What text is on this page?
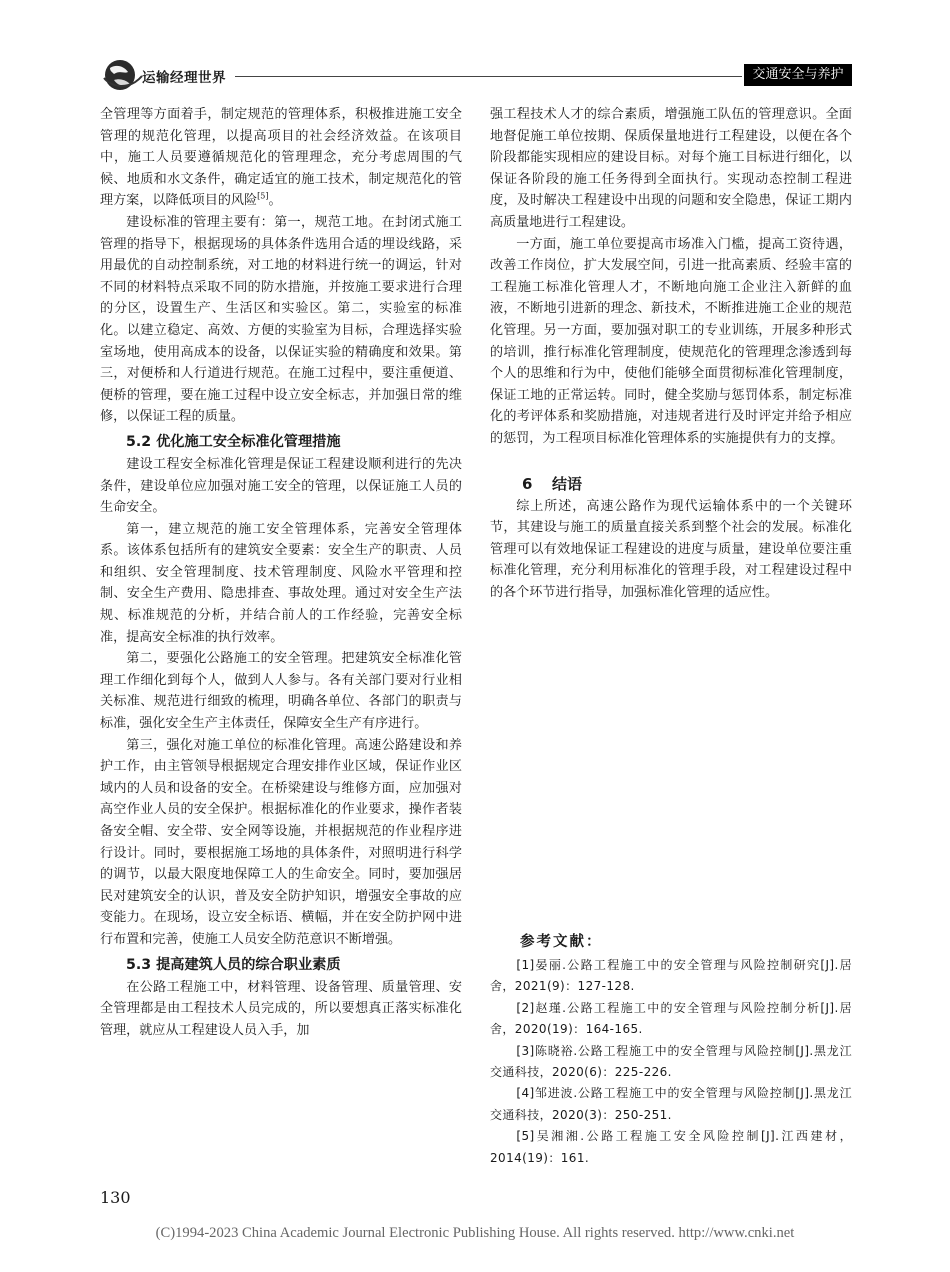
运输经理世界	交通安全与养护

全管理等方面着手，制定规范的管理体系，积极推进施工安全管理的规范化管理，以提高项目的社会经济效益。在该项目中，施工人员要遵循规范化的管理理念，充分考虑周围的气候、地质和水文条件，确定适宜的施工技术，制定规范化的管理方案，以降低项目的风险[5]。

建设标准的管理主要有：第一，规范工地。在封闭式施工管理的指导下，根据现场的具体条件选用合适的埋设线路，采用最优的自动控制系统，对工地的材料进行统一的调运，针对不同的材料特点采取不同的防水措施，并按施工要求进行合理的分区，设置生产、生活区和实验区。第二，实验室的标准化。以建立稳定、高效、方便的实验室为目标，合理选择实验室场地，使用高成本的设备，以保证实验的精确度和效果。第三，对便桥和人行道进行规范。在施工过程中，要注重便道、便桥的管理，要在施工过程中设立安全标志，并加强日常的维修，以保证工程的质量。

5.2 优化施工安全标准化管理措施

建设工程安全标准化管理是保证工程建设顺利进行的先决条件，建设单位应加强对施工安全的管理，以保证施工人员的生命安全。

第一，建立规范的施工安全管理体系，完善安全管理体系。该体系包括所有的建筑安全要素：安全生产的职责、人员和组织、安全管理制度、技术管理制度、风险水平管理和控制、安全生产费用、隐患排查、事故处理。通过对安全生产法规、标准规范的分析，并结合前人的工作经验，完善安全标准，提高安全标准的执行效率。

第二，要强化公路施工的安全管理。把建筑安全标准化管理工作细化到每个人，做到人人参与。各有关部门要对行业相关标准、规范进行细致的梳理，明确各单位、各部门的职责与标准，强化安全生产主体责任，保障安全生产有序进行。

第三，强化对施工单位的标准化管理。高速公路建设和养护工作，由主管领导根据规定合理安排作业区域，保证作业区域内的人员和设备的安全。在桥梁建设与维修方面，应加强对高空作业人员的安全保护。根据标准化的作业要求，操作者装备安全帽、安全带、安全网等设施，并根据规范的作业程序进行设计。同时，要根据施工场地的具体条件，对照明进行科学的调节，以最大限度地保障工人的生命安全。同时，要加强居民对建筑安全的认识，普及安全防护知识，增强安全事故的应变能力。在现场，设立安全标语、横幅，并在安全防护网中进行布置和完善，使施工人员安全防范意识不断增强。

5.3 提高建筑人员的综合职业素质

在公路工程施工中，材料管理、设备管理、质量管理、安全管理都是由工程技术人员完成的，所以要想真正落实标准化管理，就应从工程建设人员入手，加

强工程技术人才的综合素质，增强施工队伍的管理意识。全面地督促施工单位按期、保质保量地进行工程建设，以便在各个阶段都能实现相应的建设目标。对每个施工目标进行细化，以保证各阶段的施工任务得到全面执行。实现动态控制工程进度，及时解决工程建设中出现的问题和安全隐患，保证工期内高质量地进行工程建设。

一方面，施工单位要提高市场准入门槛，提高工资待遇，改善工作岗位，扩大发展空间，引进一批高素质、经验丰富的工程施工标准化管理人才，不断地向施工企业注入新鲜的血液，不断地引进新的理念、新技术，不断推进施工企业的规范化管理。另一方面，要加强对职工的专业训练，开展多种形式的培训，推行标准化管理制度，使规范化的管理理念渗透到每个人的思维和行为中，使他们能够全面贯彻标准化管理制度，保证工地的正常运转。同时，健全奖励与惩罚体系，制定标准化的考评体系和奖励措施，对违规者进行及时评定并给予相应的惩罚，为工程项目标准化管理体系的实施提供有力的支撑。

6 结语

综上所述，高速公路作为现代运输体系中的一个关键环节，其建设与施工的质量直接关系到整个社会的发展。标准化管理可以有效地保证工程建设的进度与质量，建设单位要注重标准化管理，充分利用标准化的管理手段，对工程建设过程中的各个环节进行指导，加强标准化管理的适应性。

参考文献：

[1]晏丽.公路工程施工中的安全管理与风险控制研究[J].居舍，2021(9)：127-128.

[2]赵瑾.公路工程施工中的安全管理与风险控制分析[J].居舍，2020(19)：164-165.

[3]陈晓裕.公路工程施工中的安全管理与风险控制[J].黑龙江交通科技，2020(6)：225-226.

[4]邹进波.公路工程施工中的安全管理与风险控制[J].黑龙江交通科技，2020(3)：250-251.

[5]吴湘湘.公路工程施工安全风险控制[J].江西建材，2014(19)：161.

130
(C)1994-2023 China Academic Journal Electronic Publishing House. All rights reserved. http://www.cnki.net
